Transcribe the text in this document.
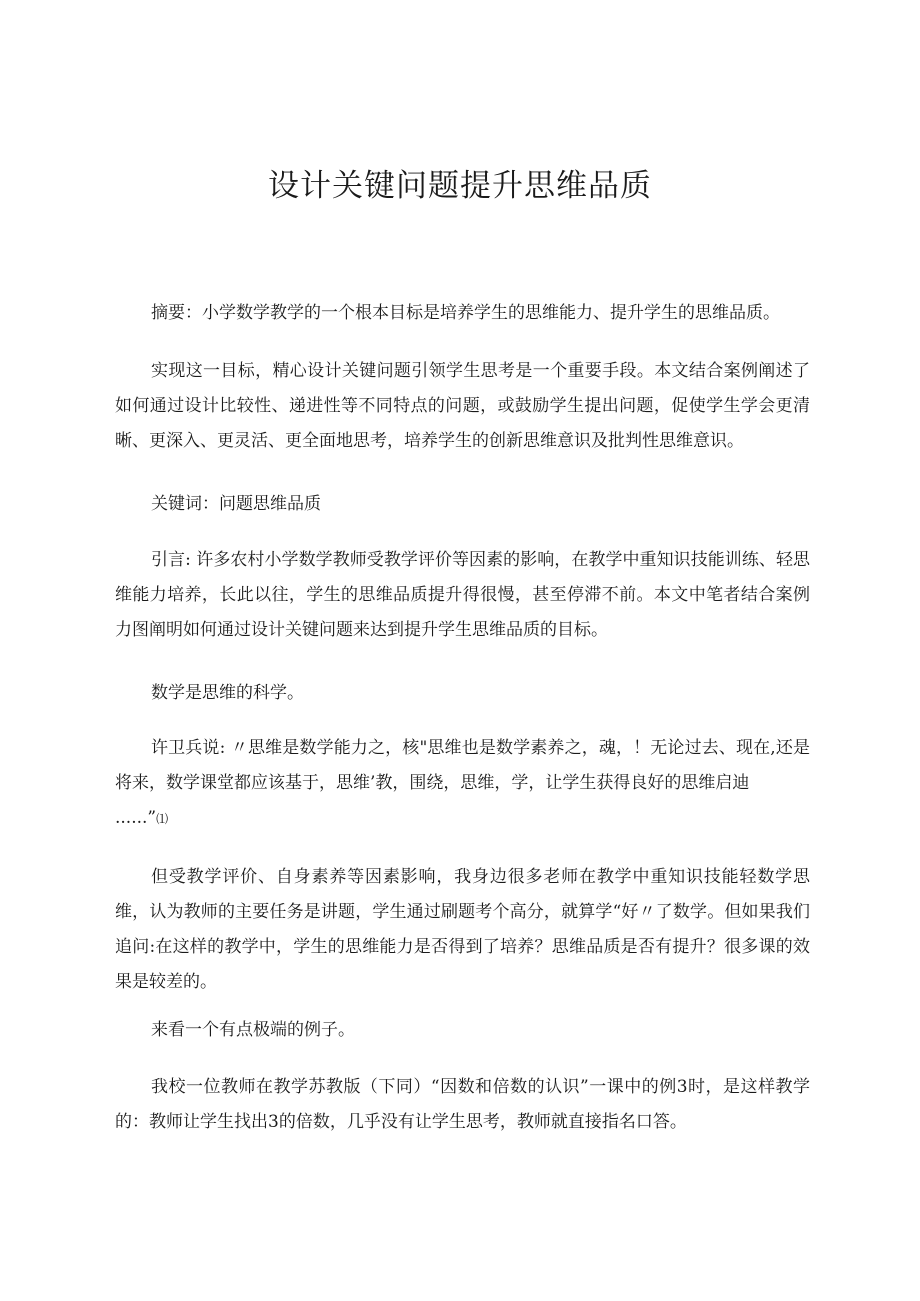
设计关键问题提升思维品质

摘要：小学数学教学的一个根本目标是培养学生的思维能力、提升学生的思维品质。

实现这一目标，精心设计关键问题引领学生思考是一个重要手段。本文结合案例阐述了如何通过设计比较性、递进性等不同特点的问题，或鼓励学生提出问题，促使学生学会更清晰、更深入、更灵活、更全面地思考，培养学生的创新思维意识及批判性思维意识。

关键词：问题思维品质

引言: 许多农村小学数学教师受教学评价等因素的影响，在教学中重知识技能训练、轻思维能力培养，长此以往，学生的思维品质提升得很慢，甚至停滞不前。本文中笔者结合案例力图阐明如何通过设计关键问题来达到提升学生思维品质的目标。

数学是思维的科学。

许卫兵说: 〃思维是数学能力之，核"思维也是数学素养之，魂，！无论过去、现在,还是将来，数学课堂都应该基于，思维’教，围绕，思维，学，让学生获得良好的思维启迪

......”⑴

但受教学评价、自身素养等因素影响，我身边很多老师在教学中重知识技能轻数学思维，认为教师的主要任务是讲题，学生通过刷题考个高分，就算学“好〃了数学。但如果我们追问:在这样的教学中，学生的思维能力是否得到了培养？思维品质是否有提升？很多课的效果是较差的。

来看一个有点极端的例子。

我校一位教师在教学苏教版（下同）“因数和倍数的认识”一课中的例3时，是这样教学的：教师让学生找出3的倍数，几乎没有让学生思考，教师就直接指名口答。
